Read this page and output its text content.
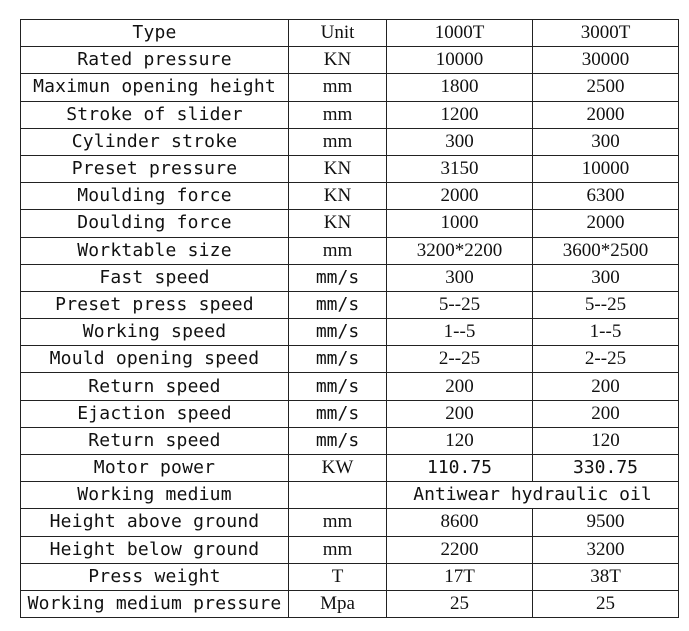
Type	Unit	1000T	3000T
Rated pressure	KN	10000	30000
Maximun opening height	mm	1800	2500
Stroke of slider	mm	1200	2000
Cylinder stroke	mm	300	300
Preset pressure	KN	3150	10000
Moulding force	KN	2000	6300
Doulding force	KN	1000	2000
Worktable size	mm	3200*2200	3600*2500
Fast speed	mm/s	300	300
Preset press speed	mm/s	5--25	5--25
Working speed	mm/s	1--5	1--5
Mould opening speed	mm/s	2--25	2--25
Return speed	mm/s	200	200
Ejaction speed	mm/s	200	200
Return speed	mm/s	120	120
Motor power	KW	110.75	330.75
Working medium		Antiwear hydraulic oil	
Height above ground	mm	8600	9500
Height below ground	mm	2200	3200
Press weight	T	17T	38T
Working medium pressure	Mpa	25	25
